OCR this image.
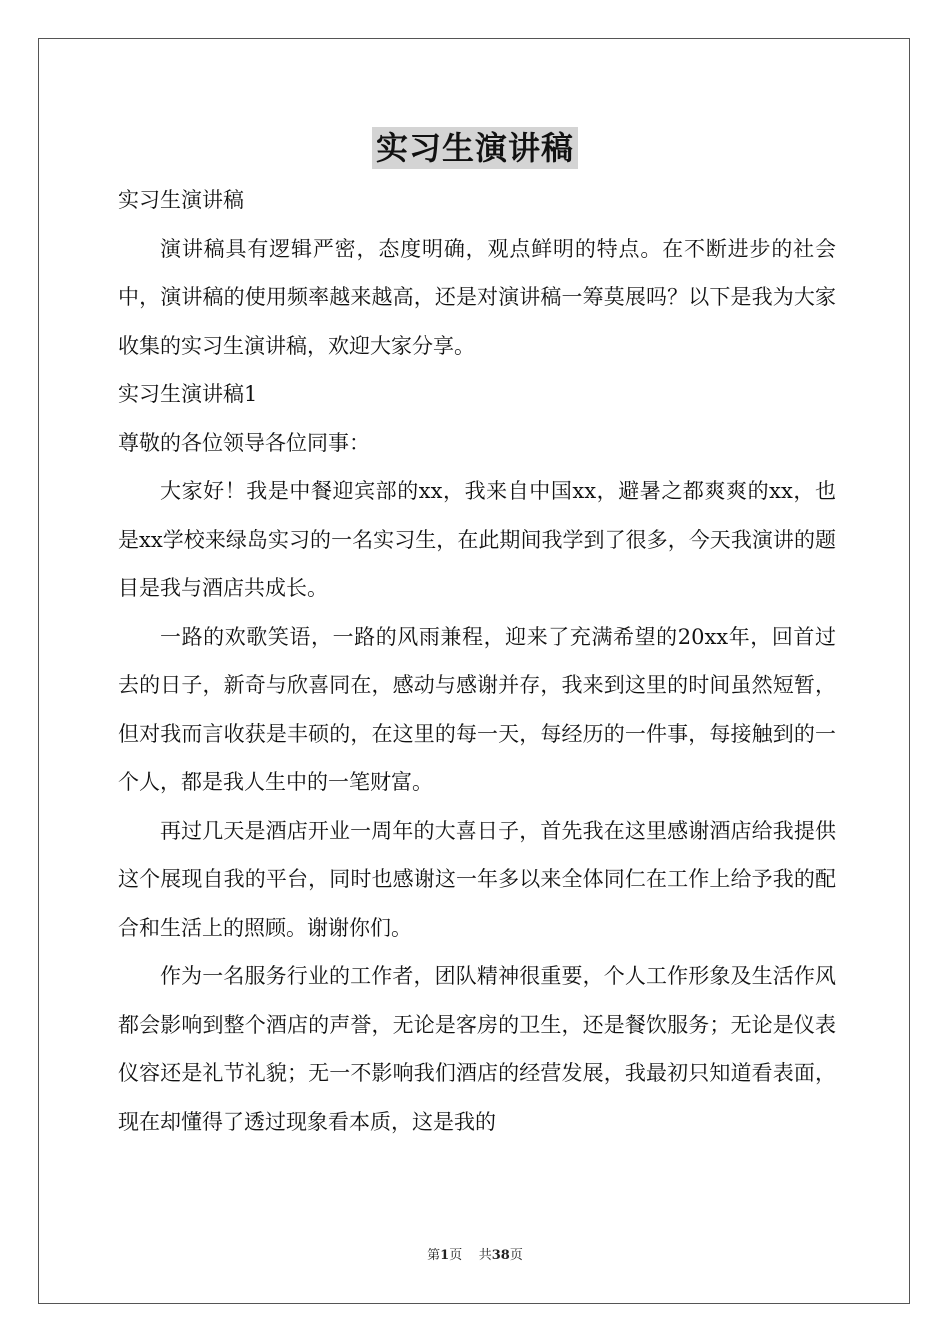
实习生演讲稿

实习生演讲稿

演讲稿具有逻辑严密，态度明确，观点鲜明的特点。在不断进步的社会中，演讲稿的使用频率越来越高，还是对演讲稿一筹莫展吗？以下是我为大家收集的实习生演讲稿，欢迎大家分享。

实习生演讲稿1

尊敬的各位领导各位同事：

大家好！我是中餐迎宾部的xx，我来自中国xx，避暑之都爽爽的xx，也是xx学校来绿岛实习的一名实习生，在此期间我学到了很多，今天我演讲的题目是我与酒店共成长。

一路的欢歌笑语，一路的风雨兼程，迎来了充满希望的20xx年，回首过去的日子，新奇与欣喜同在，感动与感谢并存，我来到这里的时间虽然短暂，但对我而言收获是丰硕的，在这里的每一天，每经历的一件事，每接触到的一个人，都是我人生中的一笔财富。

再过几天是酒店开业一周年的大喜日子，首先我在这里感谢酒店给我提供这个展现自我的平台，同时也感谢这一年多以来全体同仁在工作上给予我的配合和生活上的照顾。谢谢你们。

作为一名服务行业的工作者，团队精神很重要，个人工作形象及生活作风都会影响到整个酒店的声誉，无论是客房的卫生，还是餐饮服务；无论是仪表仪容还是礼节礼貌；无一不影响我们酒店的经营发展，我最初只知道看表面，现在却懂得了透过现象看本质，这是我的

第1页 共38页
